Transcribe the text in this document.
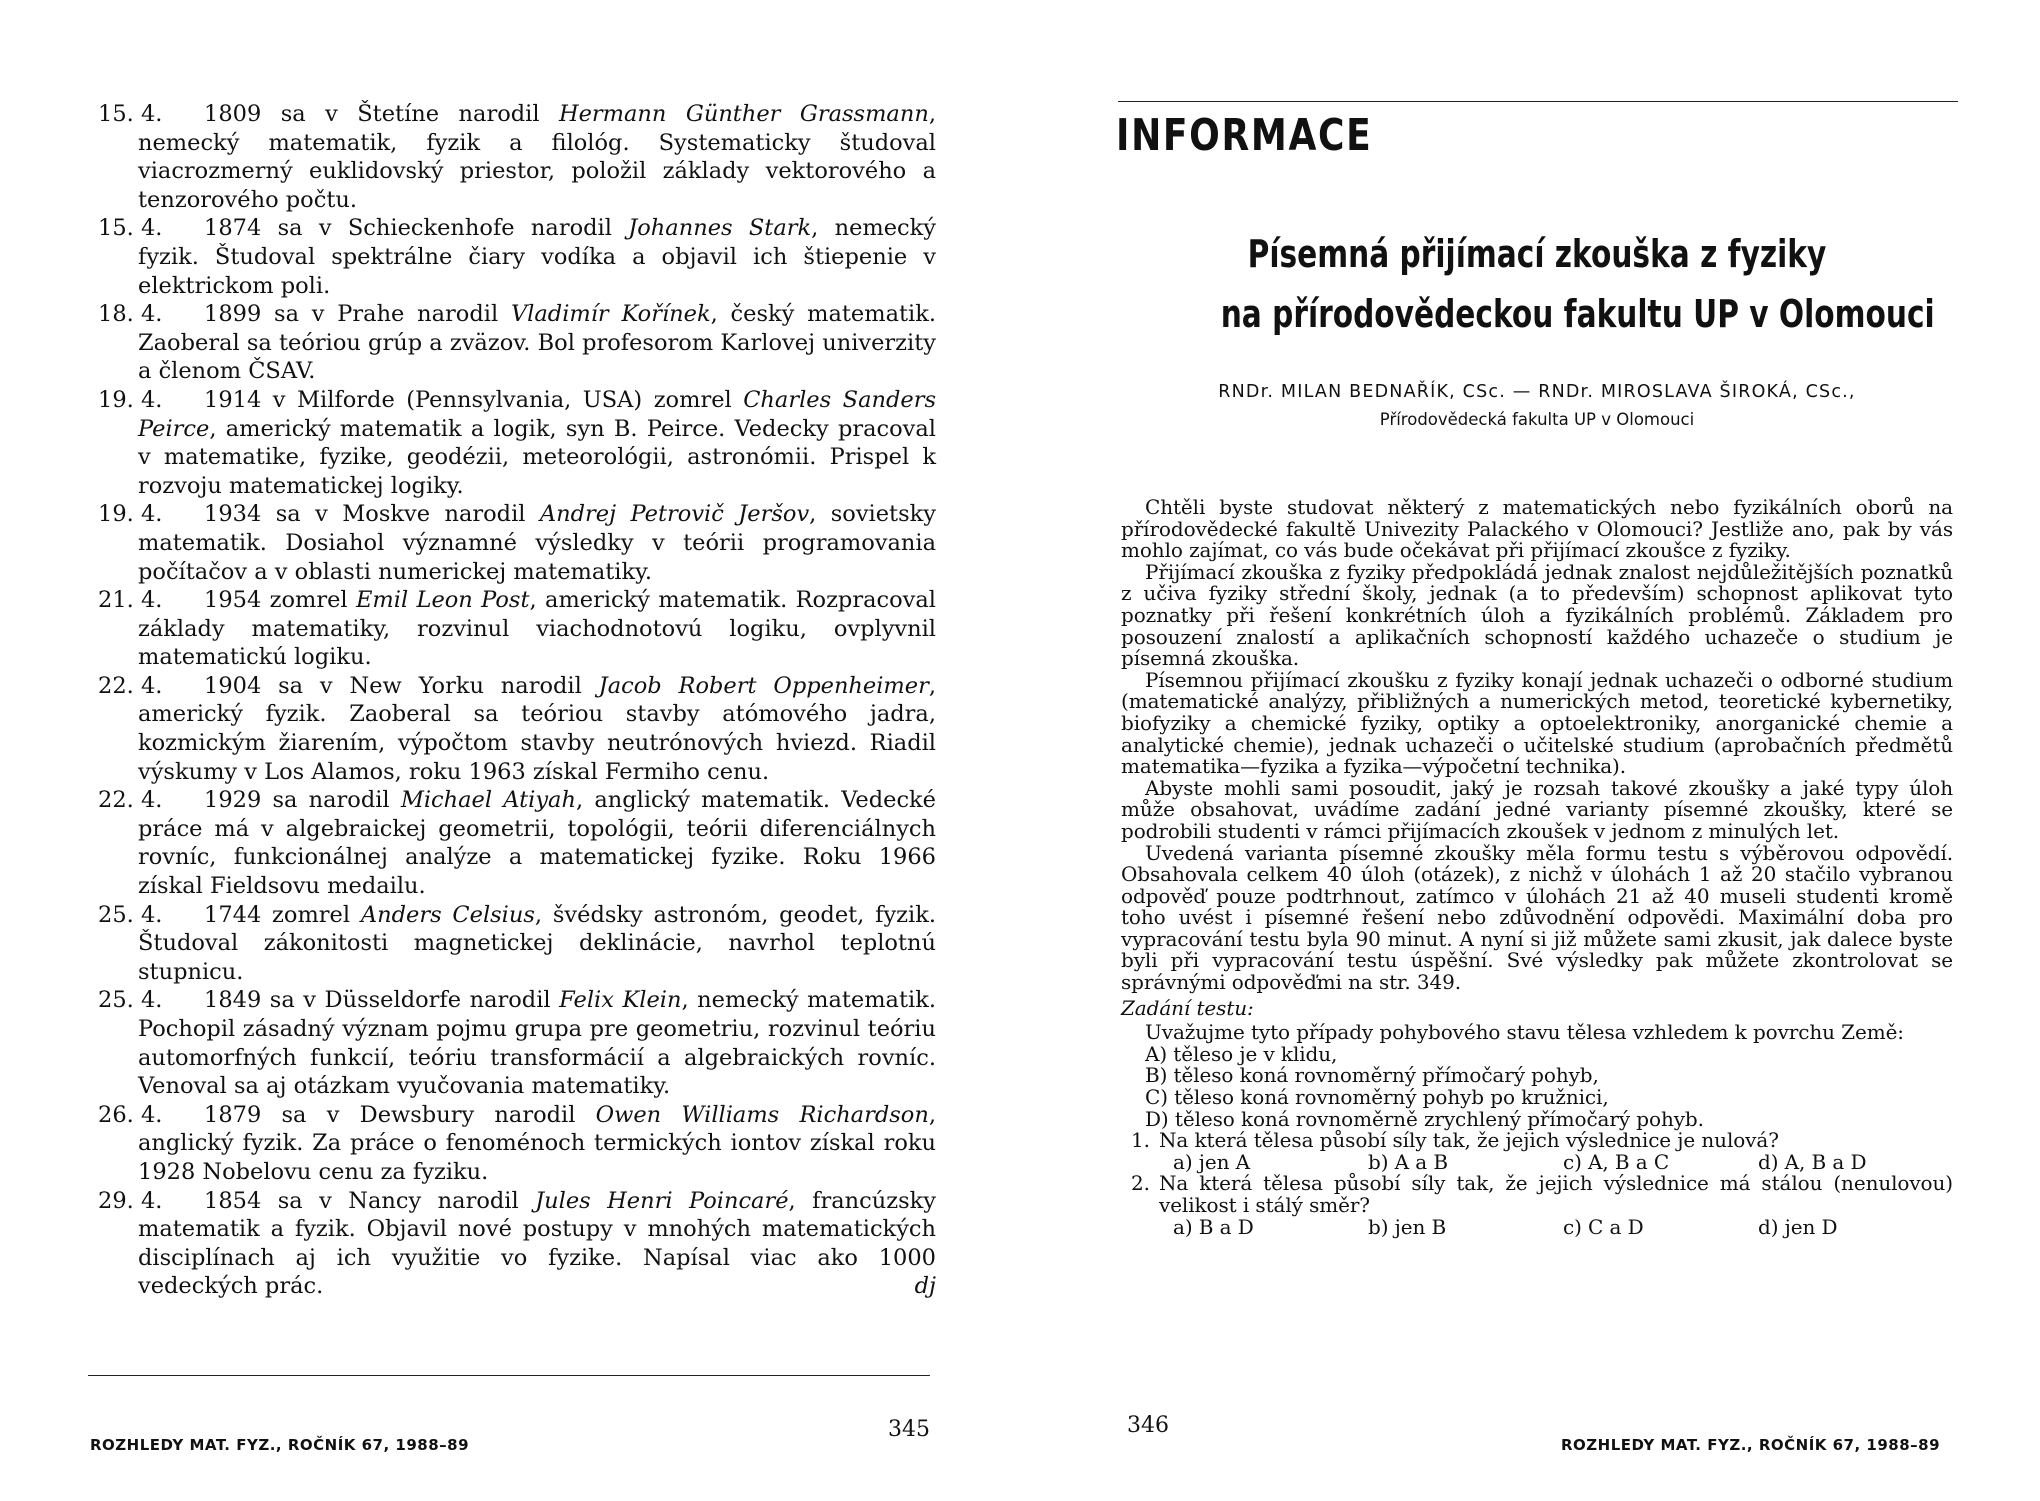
15. 4. 1809 sa v Štetíne narodil Hermann Günther Grassmann, nemecký matematik, fyzik a filológ. Systematicky študoval viacrozmerný euklidovský priestor, položil základy vektorového a tenzorového počtu.
15. 4. 1874 sa v Schieckenhofe narodil Johannes Stark, nemecký fyzik. Študoval spektrálne čiary vodíka a objavil ich štiepenie v elektrickom poli.
18. 4. 1899 sa v Prahe narodil Vladimír Kořínek, český matematik. Zaoberal sa teóriou grúp a zväzov. Bol profesorom Karlovej univerzity a členom ČSAV.
19. 4. 1914 v Milforde (Pennsylvania, USA) zomrel Charles Sanders Peirce, americký matematik a logik, syn B. Peirce. Vedecky pracoval v matematike, fyzike, geodézii, meteorológii, astronómii. Prispel k rozvoju matematickej logiky.
19. 4. 1934 sa v Moskve narodil Andrej Petrovič Jeršov, sovietsky matematik. Dosiahol významné výsledky v teórii programovania počítačov a v oblasti numerickej matematiky.
21. 4. 1954 zomrel Emil Leon Post, americký matematik. Rozpracoval základy matematiky, rozvinul viachodnotovú logiku, ovplyvnil matematickú logiku.
22. 4. 1904 sa v New Yorku narodil Jacob Robert Oppenheimer, americký fyzik. Zaoberal sa teóriou stavby atómového jadra, kozmickým žiarením, výpočtom stavby neutrónových hviezd. Riadil výskumy v Los Alamos, roku 1963 získal Fermiho cenu.
22. 4. 1929 sa narodil Michael Atiyah, anglický matematik. Vedecké práce má v algebraickej geometrii, topológii, teórii diferenciálnych rovníc, funkcionálnej analýze a matematickej fyzike. Roku 1966 získal Fieldsovu medailu.
25. 4. 1744 zomrel Anders Celsius, švédsky astronóm, geodet, fyzik. Študoval zákonitosti magnetickej deklinácie, navrhol teplotnú stupnicu.
25. 4. 1849 sa v Düsseldorfe narodil Felix Klein, nemecký matematik. Pochopil zásadný význam pojmu grupa pre geometriu, rozvinul teóriu automorfných funkcií, teóriu transformácií a algebraických rovníc. Venoval sa aj otázkam vyučovania matematiky.
26. 4. 1879 sa v Dewsbury narodil Owen Williams Richardson, anglický fyzik. Za práce o fenoménoch termických iontov získal roku 1928 Nobelovu cenu za fyziku.
29. 4. 1854 sa v Nancy narodil Jules Henri Poincaré, francúzsky matematik a fyzik. Objavil nové postupy v mnohých matematických disciplínach aj ich využitie vo fyzike. Napísal viac ako 1000 vedeckých prác.	dj
ROZHLEDY MAT. FYZ., ROČNÍK 67, 1988–89
345
INFORMACE
Písemná přijímací zkouška z fyziky
na přírodovědeckou fakultu UP v Olomouci
RNDr. MILAN BEDNAŘÍK, CSc. — RNDr. MIROSLAVA ŠIROKÁ, CSc.,
Přírodovědecká fakulta UP v Olomouci

Chtěli byste studovat některý z matematických nebo fyzikálních oborů na přírodovědecké fakultě Univezity Palackého v Olomouci? Jestliže ano, pak by vás mohlo zajímat, co vás bude očekávat při přijímací zkoušce z fyziky.

Přijímací zkouška z fyziky předpokládá jednak znalost nejdůležitějších poznatků z učiva fyziky střední školy, jednak (a to především) schopnost aplikovat tyto poznatky při řešení konkrétních úloh a fyzikálních problémů. Základem pro posouzení znalostí a aplikačních schopností každého uchazeče o studium je písemná zkouška.

Písemnou přijímací zkoušku z fyziky konají jednak uchazeči o odborné studium (matematické analýzy, přibližných a numerických metod, teoretické kybernetiky, biofyziky a chemické fyziky, optiky a optoelektroniky, anorganické chemie a analytické chemie), jednak uchazeči o učitelské studium (aprobačních předmětů matematika—fyzika a fyzika—výpočetní technika).

Abyste mohli sami posoudit, jaký je rozsah takové zkoušky a jaké typy úloh může obsahovat, uvádíme zadání jedné varianty písemné zkoušky, které se podrobili studenti v rámci přijímacích zkoušek v jednom z minulých let.

Uvedená varianta písemné zkoušky měla formu testu s výběrovou odpovědí. Obsahovala celkem 40 úloh (otázek), z nichž v úlohách 1 až 20 stačilo vybranou odpověď pouze podtrhnout, zatímco v úlohách 21 až 40 museli studenti kromě toho uvést i písemné řešení nebo zdůvodnění odpovědi. Maximální doba pro vypracování testu byla 90 minut. A nyní si již můžete sami zkusit, jak dalece byste byli při vypracování testu úspěšní. Své výsledky pak můžete zkontrolovat se správnými odpověďmi na str. 349.

Zadání testu:

Uvažujme tyto případy pohybového stavu tělesa vzhledem k povrchu Země:

A) těleso je v klidu,
B) těleso koná rovnoměrný přímočarý pohyb,
C) těleso koná rovnoměrný pohyb po kružnici,
D) těleso koná rovnoměrně zrychlený přímočarý pohyb.
1. Na která tělesa působí síly tak, že jejich výslednice je nulová?
a) jen A	b) A a B	c) A, B a C	d) A, B a D
2. Na která tělesa působí síly tak, že jejich výslednice má stálou (nenulovou) velikost i stálý směr?
a) B a D	b) jen B	c) C a D	d) jen D
346
ROZHLEDY MAT. FYZ., ROČNÍK 67, 1988–89
